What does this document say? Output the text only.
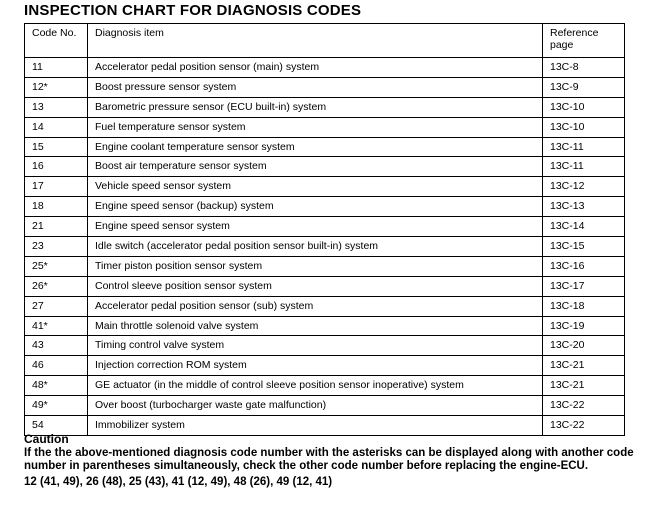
INSPECTION CHART FOR DIAGNOSIS CODES
Code No.	Diagnosis item	Reference page
11	Accelerator pedal position sensor (main) system	13C-8
12*	Boost pressure sensor system	13C-9
13	Barometric pressure sensor (ECU built-in) system	13C-10
14	Fuel temperature sensor system	13C-10
15	Engine coolant temperature sensor system	13C-11
16	Boost air temperature sensor system	13C-11
17	Vehicle speed sensor system	13C-12
18	Engine speed sensor (backup) system	13C-13
21	Engine speed sensor system	13C-14
23	Idle switch (accelerator pedal position sensor built-in) system	13C-15
25*	Timer piston position sensor system	13C-16
26*	Control sleeve position sensor system	13C-17
27	Accelerator pedal position sensor (sub) system	13C-18
41*	Main throttle solenoid valve system	13C-19
43	Timing control valve system	13C-20
46	Injection correction ROM system	13C-21
48*	GE actuator (in the middle of control sleeve position sensor inoperative) system	13C-21
49*	Over boost (turbocharger waste gate malfunction)	13C-22
54	Immobilizer system	13C-22

Caution

If the the above-mentioned diagnosis code number with the asterisks can be displayed along with another code number in parentheses simultaneously, check the other code number before replacing the engine-ECU.

12 (41, 49), 26 (48), 25 (43), 41 (12, 49), 48 (26), 49 (12, 41)
